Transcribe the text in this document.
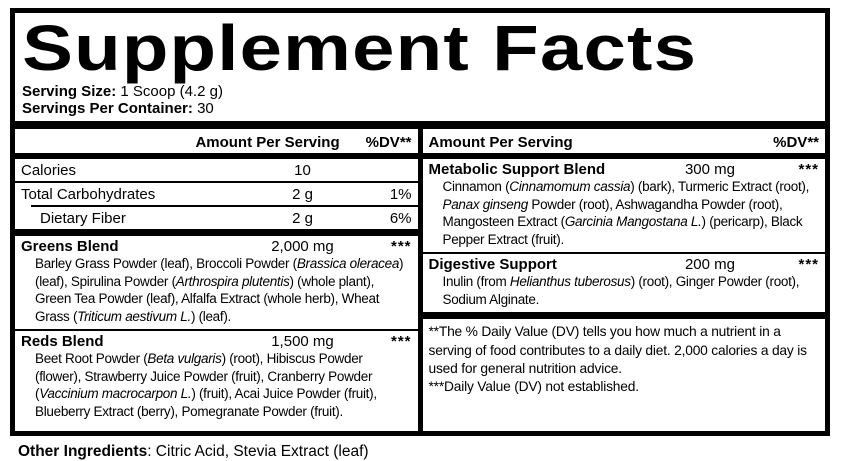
Supplement Facts
Serving Size: 1 Scoop (4.2 g)
Servings Per Container: 30
Amount Per Serving %DV**
Calories	10
Total Carbohydrates	2 g	1%
Dietary Fiber	2 g	6%
Greens Blend	2,000 mg	***
Barley Grass Powder (leaf), Broccoli Powder (Brassica oleracea) (leaf), Spirulina Powder (Arthrospira plutentis) (whole plant), Green Tea Powder (leaf), Alfalfa Extract (whole herb), Wheat Grass (Triticum aestivum L.) (leaf).
Reds Blend	1,500 mg	***
Beet Root Powder (Beta vulgaris) (root), Hibiscus Powder (flower), Strawberry Juice Powder (fruit), Cranberry Powder (Vaccinium macrocarpon L.) (fruit), Acai Juice Powder (fruit), Blueberry Extract (berry), Pomegranate Powder (fruit).
Amount Per Serving	%DV**
Metabolic Support Blend	300 mg	***
Cinnamon (Cinnamomum cassia) (bark), Turmeric Extract (root), Panax ginseng Powder (root), Ashwagandha Powder (root), Mangosteen Extract (Garcinia Mangostana L.) (pericarp), Black Pepper Extract (fruit).
Digestive Support	200 mg	***
Inulin (from Helianthus tuberosus) (root), Ginger Powder (root), Sodium Alginate.
**The % Daily Value (DV) tells you how much a nutrient in a serving of food contributes to a daily diet. 2,000 calories a day is used for general nutrition advice.
***Daily Value (DV) not established.
Other Ingredients: Citric Acid, Stevia Extract (leaf)
